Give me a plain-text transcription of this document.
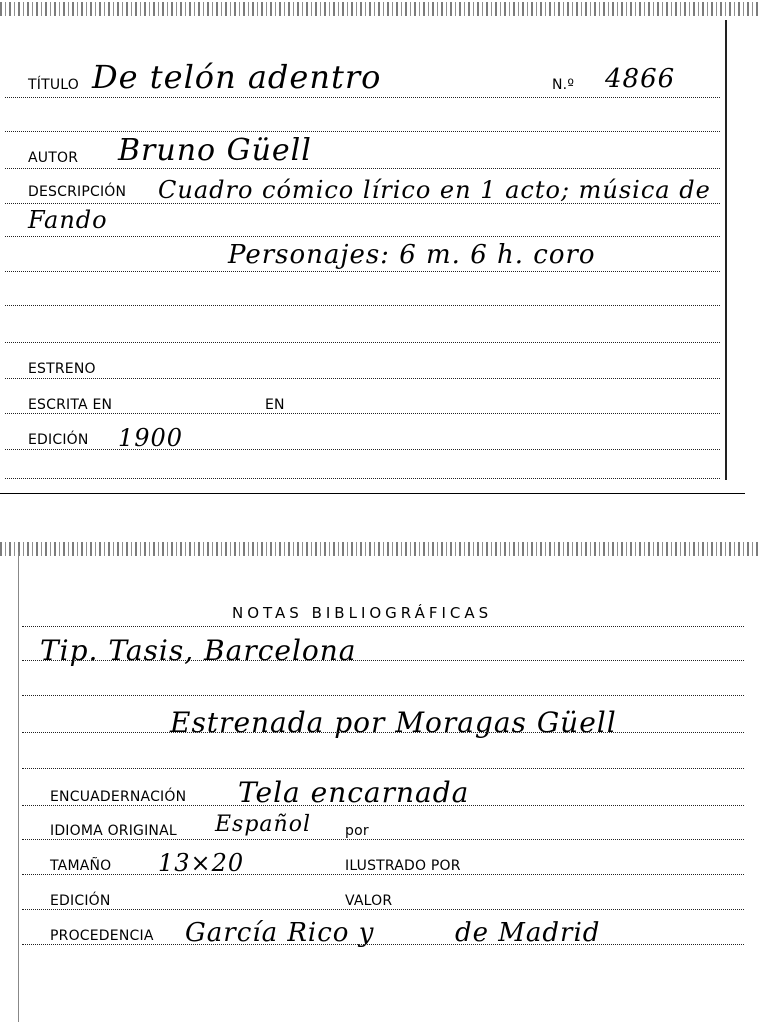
TÍTULO De telón adentro	N.º 4866
AUTOR Bruno Güell
DESCRIPCIÓN Cuadro cómico lírico en 1 acto; música de
Fando
Personajes: 6 m. 6 h. coro
ESTRENO
ESCRITA EN	EN
EDICIÓN 1900
NOTAS BIBLIOGRÁFICAS
Tip. Tasis, Barcelona
Estrenada por Moragas Güell
ENCUADERNACIÓN Tela encarnada
IDIOMA ORIGINAL Español por
TAMAÑO 13×20	ILUSTRADO POR
EDICIÓN	VALOR
PROCEDENCIA García Rico y	de Madrid
